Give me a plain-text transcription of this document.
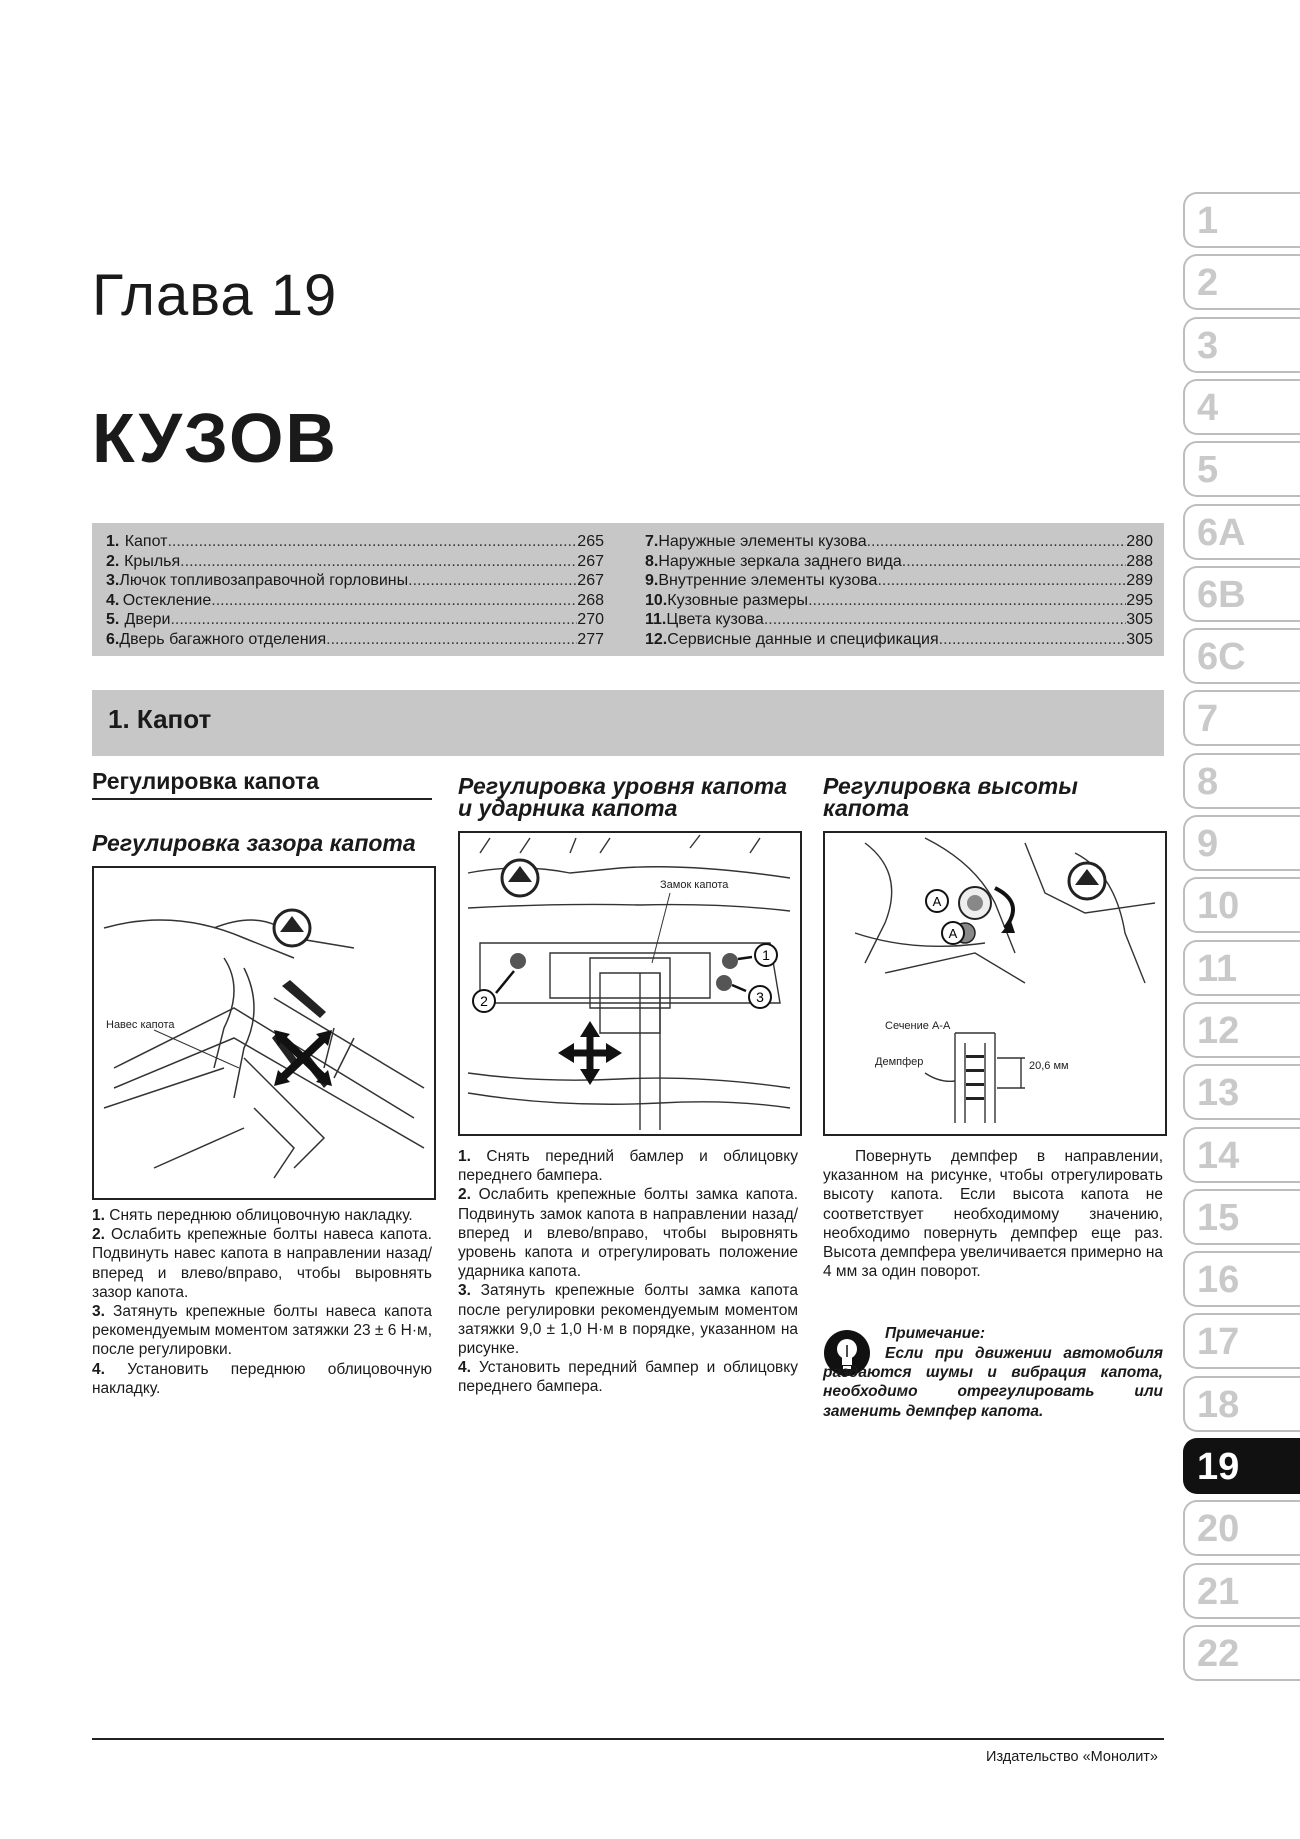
Глава 19
КУЗОВ
1. Капот .....	265
2. Крылья .....	267
3. Лючок топливозаправочной горловины .....	267
4. Остекление .....	268
5. Двери .....	270
6. Дверь багажного отделения .....	277
7. Наружные элементы кузова .....	280
8. Наружные зеркала заднего вида .....	288
9. Внутренние элементы кузова .....	289
10. Кузовные размеры .....	295
11. Цвета кузова .....	305
12. Сервисные данные и спецификация .....	305
1. Капот
Регулировка капота
Регулировка зазора капота
Навес капота

1. Снять переднюю облицовочную накладку.

2. Ослабить крепежные болты навеса капота. Подвинуть навес капота в направлении назад/вперед и влево/вправо, чтобы выровнять зазор капота.

3. Затянуть крепежные болты навеса капота рекомендуемым моментом затяжки 23 ± 6 Н·м, после регулировки.

4. Установить переднюю облицовочную накладку.

Регулировка уровня капота и ударника капота
2
1
3
Замок капота

1. Снять передний бамлер и облицовку переднего бампера.

2. Ослабить крепежные болты замка капота. Подвинуть замок капота в направлении назад/вперед и влево/вправо, чтобы выровнять уровень капота и отрегулировать положение ударника капота.

3. Затянуть крепежные болты замка капота после регулировки рекомендуемым моментом затяжки 9,0 ± 1,0 Н·м в порядке, указанном на рисунке.

4. Установить передний бампер и облицовку переднего бампера.

Регулировка высоты капота
A
A
Сечение А-А
Демпфер	20,6 мм
Повернуть демпфер в направлении, указанном на рисунке, чтобы отрегулировать высоту капота. Если высота капота не соответствует необходимому значению, необходимо повернуть демпфер еще раз. Высота демпфера увеличивается примерно на 4 мм за один поворот.
Примечание:
Если при движении автомобиля раздаются шумы и вибрация капота, необходимо отрегулировать или заменить демпфер капота.
Издательство «Монолит»
1
2
3
4
5
6A
6B
6C
7
8
9
10
11
12
13
14
15
16
17
18
19
20
21
22
